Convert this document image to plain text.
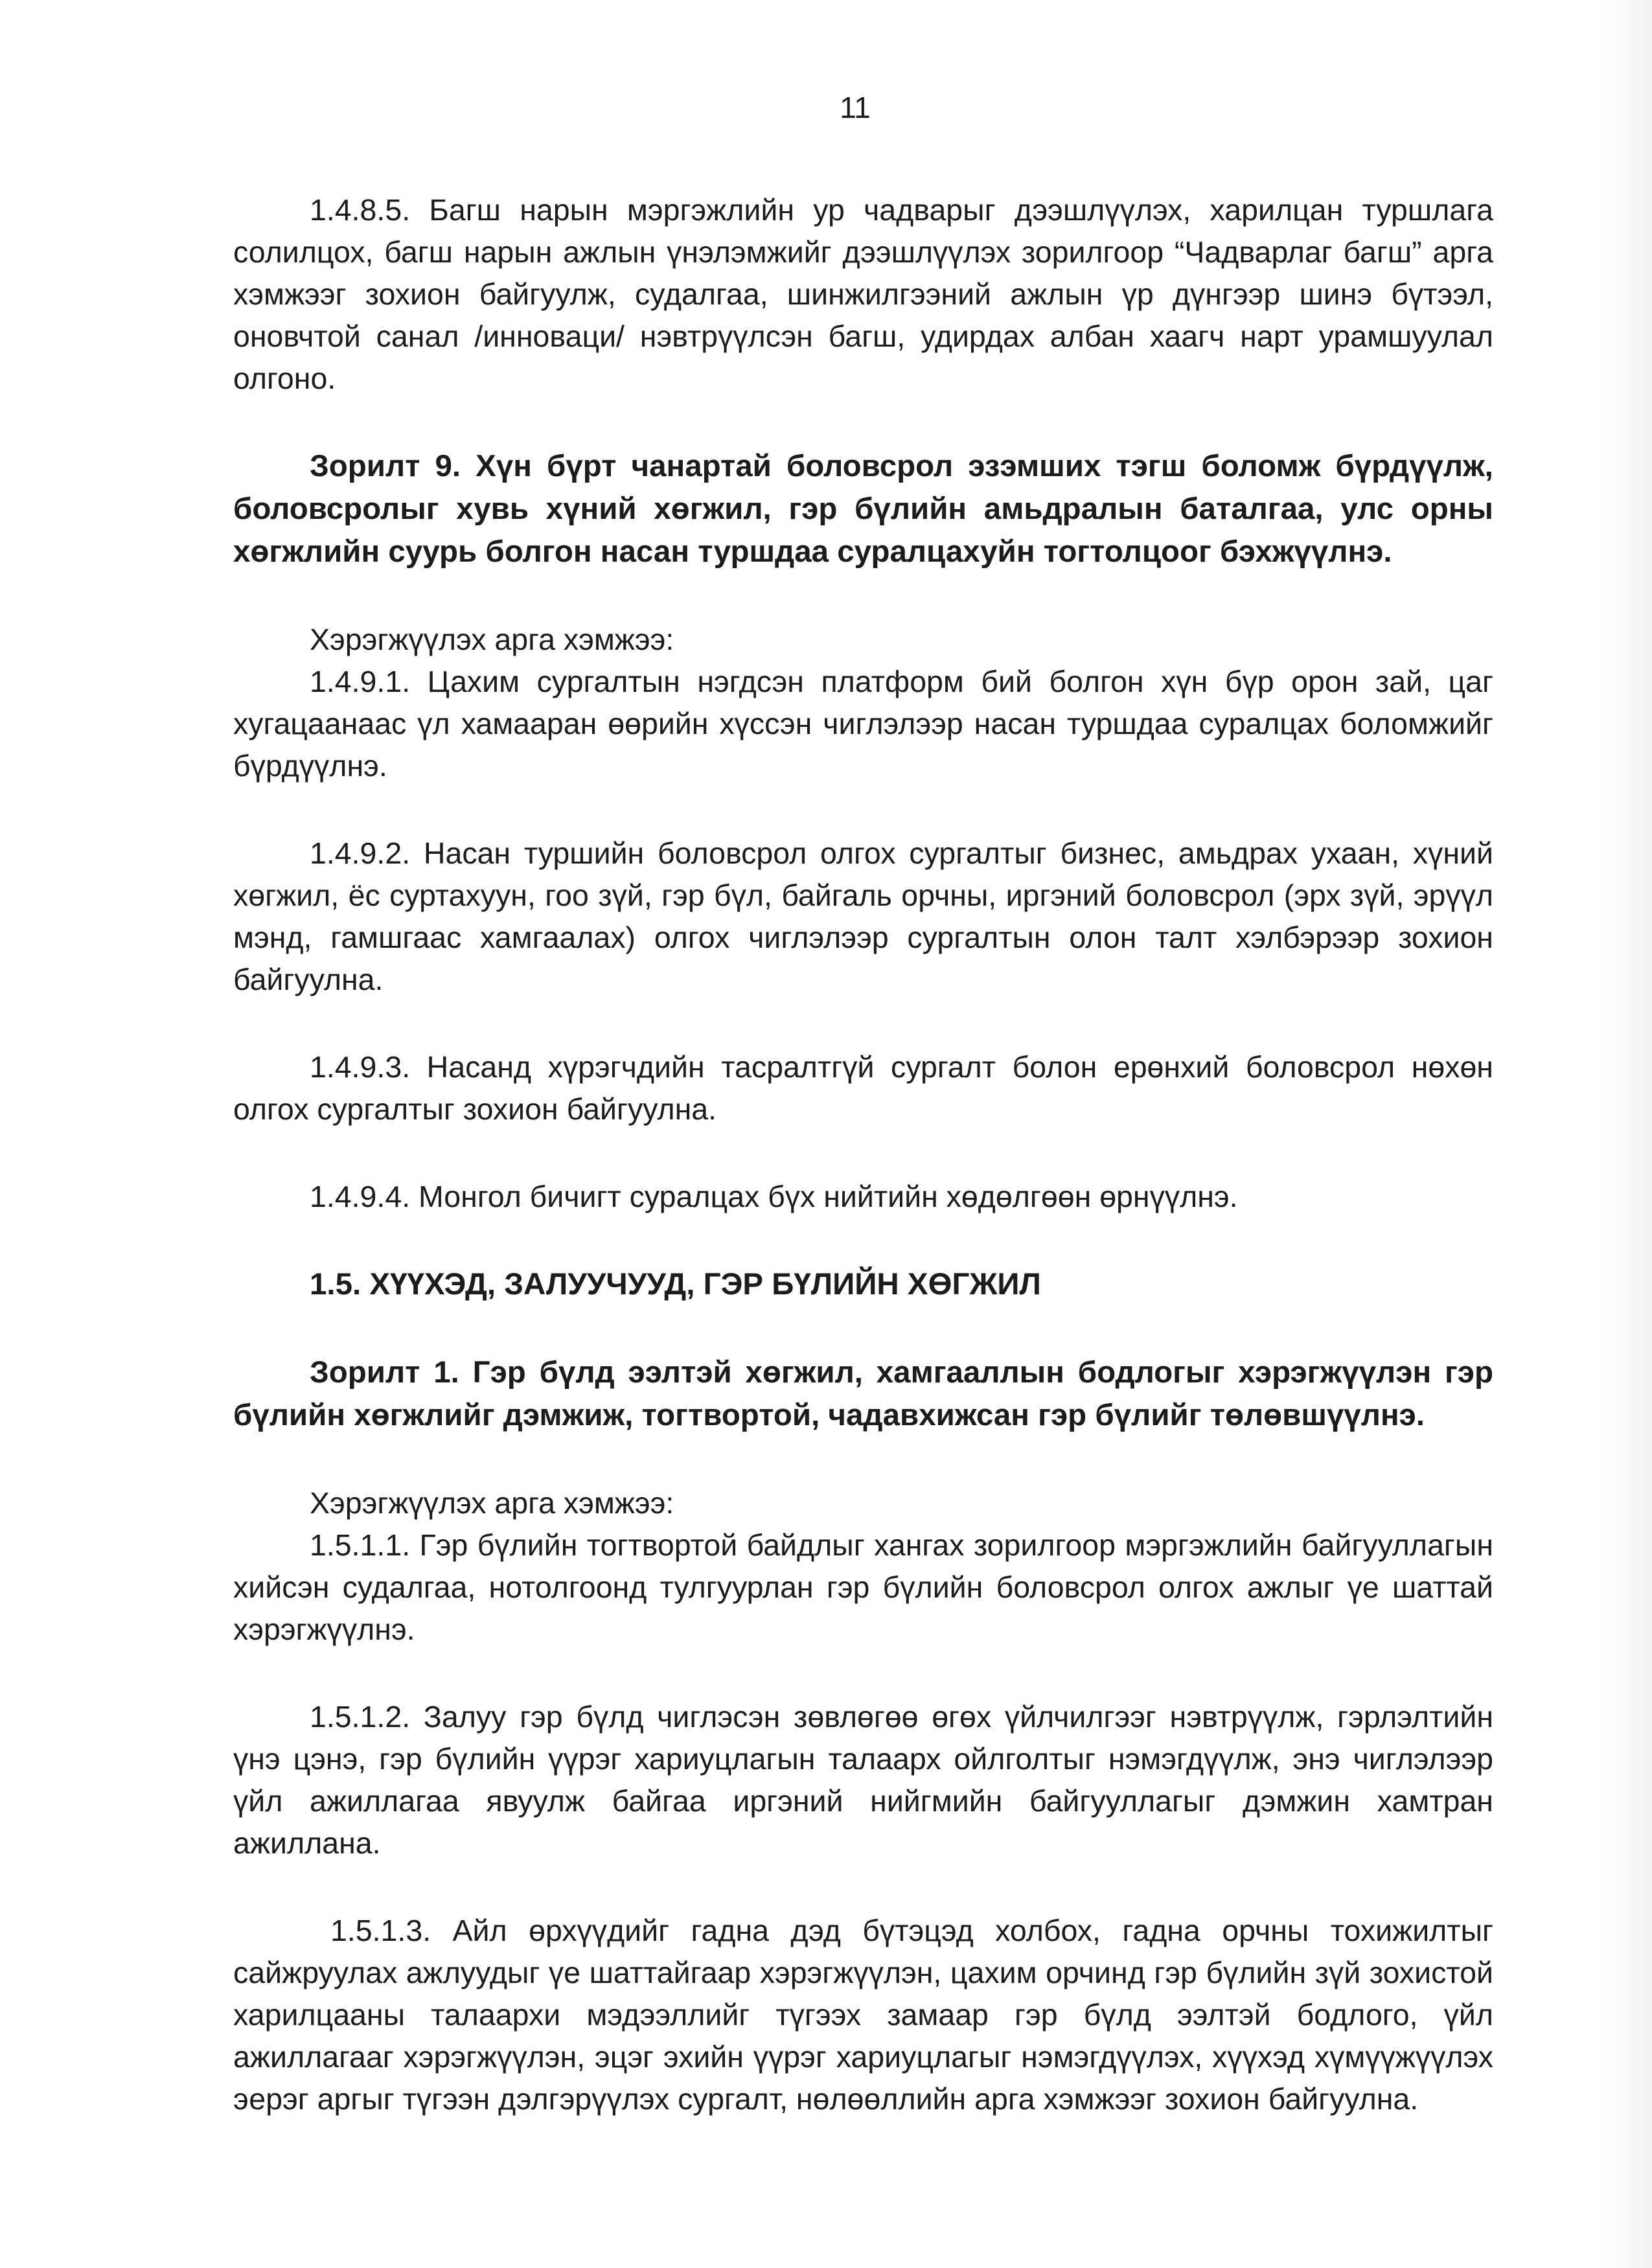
11

1.4.8.5. Багш нарын мэргэжлийн ур чадварыг дээшлүүлэх, харилцан туршлага солилцох, багш нарын ажлын үнэлэмжийг дээшлүүлэх зорилгоор “Чадварлаг багш” арга хэмжээг зохион байгуулж, судалгаа, шинжилгээний ажлын үр дүнгээр шинэ бүтээл, оновчтой санал /инноваци/ нэвтрүүлсэн багш, удирдах албан хаагч нарт урамшуулал олгоно.

Зорилт 9. Хүн бүрт чанартай боловсрол эзэмших тэгш боломж бүрдүүлж, боловсролыг хувь хүний хөгжил, гэр бүлийн амьдралын баталгаа, улс орны хөгжлийн суурь болгон насан туршдаа суралцахуйн тогтолцоог бэхжүүлнэ.

Хэрэгжүүлэх арга хэмжээ:

1.4.9.1. Цахим сургалтын нэгдсэн платформ бий болгон хүн бүр орон зай, цаг хугацаанаас үл хамааран өөрийн хүссэн чиглэлээр насан туршдаа суралцах боломжийг бүрдүүлнэ.

1.4.9.2. Насан туршийн боловсрол олгох сургалтыг бизнес, амьдрах ухаан, хүний хөгжил, ёс суртахуун, гоо зүй, гэр бүл, байгаль орчны, иргэний боловсрол (эрх зүй, эрүүл мэнд, гамшгаас хамгаалах) олгох чиглэлээр сургалтын олон талт хэлбэрээр зохион байгуулна.

1.4.9.3. Насанд хүрэгчдийн тасралтгүй сургалт болон ерөнхий боловсрол нөхөн олгох сургалтыг зохион байгуулна.

1.4.9.4. Монгол бичигт суралцах бүх нийтийн хөдөлгөөн өрнүүлнэ.

1.5. ХҮҮХЭД, ЗАЛУУЧУУД, ГЭР БҮЛИЙН ХӨГЖИЛ

Зорилт 1. Гэр бүлд ээлтэй хөгжил, хамгааллын бодлогыг хэрэгжүүлэн гэр бүлийн хөгжлийг дэмжиж, тогтвортой, чадавхижсан гэр бүлийг төлөвшүүлнэ.

Хэрэгжүүлэх арга хэмжээ:

1.5.1.1. Гэр бүлийн тогтвортой байдлыг хангах зорилгоор мэргэжлийн байгууллагын хийсэн судалгаа, нотолгоонд тулгуурлан гэр бүлийн боловсрол олгох ажлыг үе шаттай хэрэгжүүлнэ.

1.5.1.2. Залуу гэр бүлд чиглэсэн зөвлөгөө өгөх үйлчилгээг нэвтрүүлж, гэрлэлтийн үнэ цэнэ, гэр бүлийн үүрэг хариуцлагын талаарх ойлголтыг нэмэгдүүлж, энэ чиглэлээр үйл ажиллагаа явуулж байгаа иргэний нийгмийн байгууллагыг дэмжин хамтран ажиллана.

1.5.1.3. Айл өрхүүдийг гадна дэд бүтэцэд холбох, гадна орчны тохижилтыг сайжруулах ажлуудыг үе шаттайгаар хэрэгжүүлэн, цахим орчинд гэр бүлийн зүй зохистой харилцааны талаархи мэдээллийг түгээх замаар гэр бүлд ээлтэй бодлого, үйл ажиллагааг хэрэгжүүлэн, эцэг эхийн үүрэг хариуцлагыг нэмэгдүүлэх, хүүхэд хүмүүжүүлэх эерэг аргыг түгээн дэлгэрүүлэх сургалт, нөлөөллийн арга хэмжээг зохион байгуулна.
